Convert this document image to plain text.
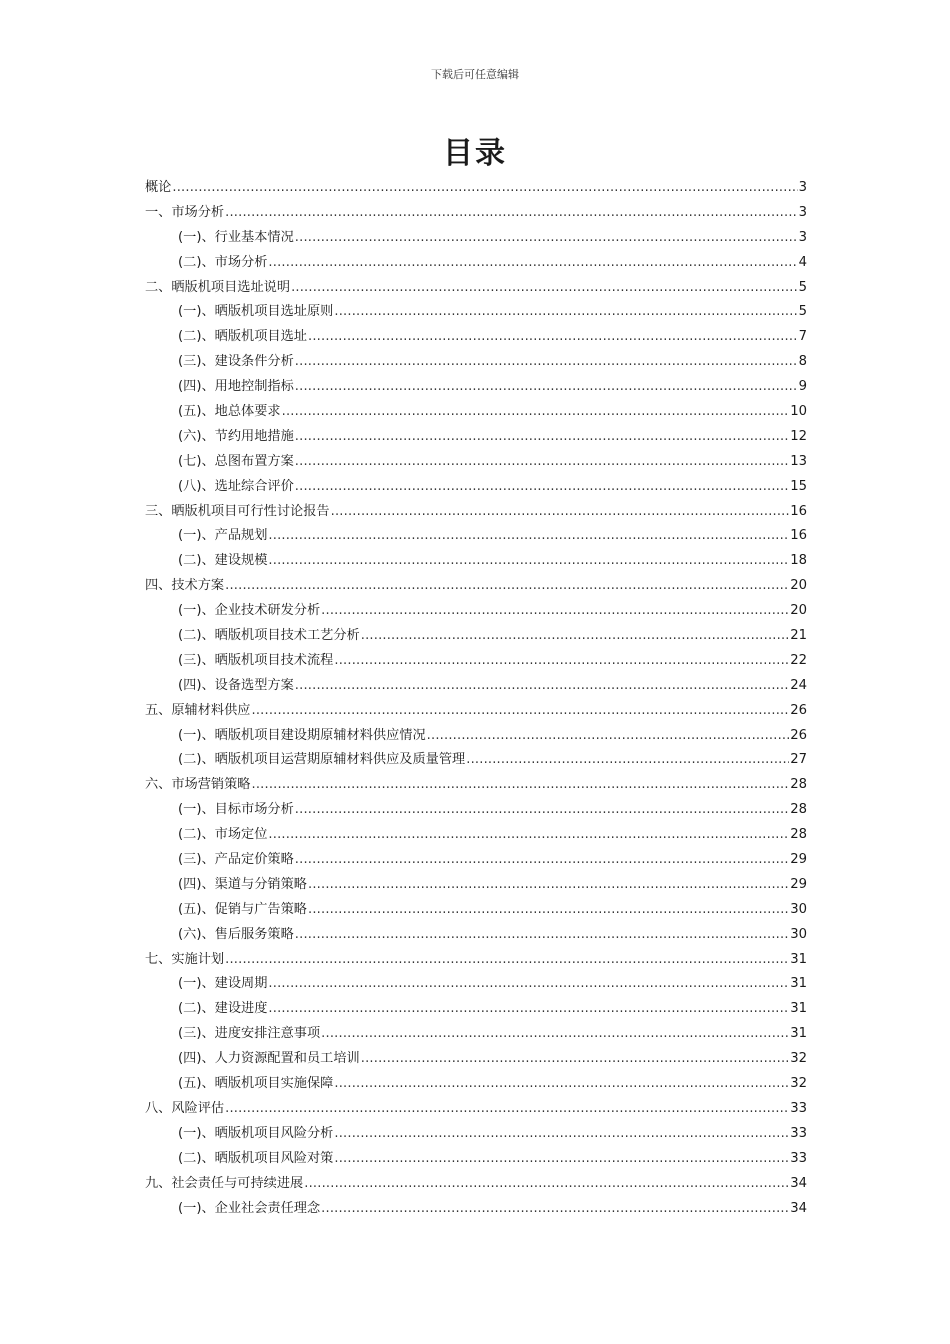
下载后可任意编辑
目录
概论 .....	3
一、市场分析 .....	3
(一)、行业基本情况 .....	3
(二)、市场分析 .....	4
二、晒版机项目选址说明 .....	5
(一)、晒版机项目选址原则 .....	5
(二)、晒版机项目选址 .....	7
(三)、建设条件分析 .....	8
(四)、用地控制指标 .....	9
(五)、地总体要求 .....	10
(六)、节约用地措施 .....	12
(七)、总图布置方案 .....	13
(八)、选址综合评价 .....	15
三、晒版机项目可行性讨论报告 .....	16
(一)、产品规划 .....	16
(二)、建设规模 .....	18
四、技术方案 .....	20
(一)、企业技术研发分析 .....	20
(二)、晒版机项目技术工艺分析 .....	21
(三)、晒版机项目技术流程 .....	22
(四)、设备选型方案 .....	24
五、原辅材料供应 .....	26
(一)、晒版机项目建设期原辅材料供应情况 .....	26
(二)、晒版机项目运营期原辅材料供应及质量管理 .....	27
六、市场营销策略 .....	28
(一)、目标市场分析 .....	28
(二)、市场定位 .....	28
(三)、产品定价策略 .....	29
(四)、渠道与分销策略 .....	29
(五)、促销与广告策略 .....	30
(六)、售后服务策略 .....	30
七、实施计划 .....	31
(一)、建设周期 .....	31
(二)、建设进度 .....	31
(三)、进度安排注意事项 .....	31
(四)、人力资源配置和员工培训 .....	32
(五)、晒版机项目实施保障 .....	32
八、风险评估 .....	33
(一)、晒版机项目风险分析 .....	33
(二)、晒版机项目风险对策 .....	33
九、社会责任与可持续进展 .....	34
(一)、企业社会责任理念 .....	34
